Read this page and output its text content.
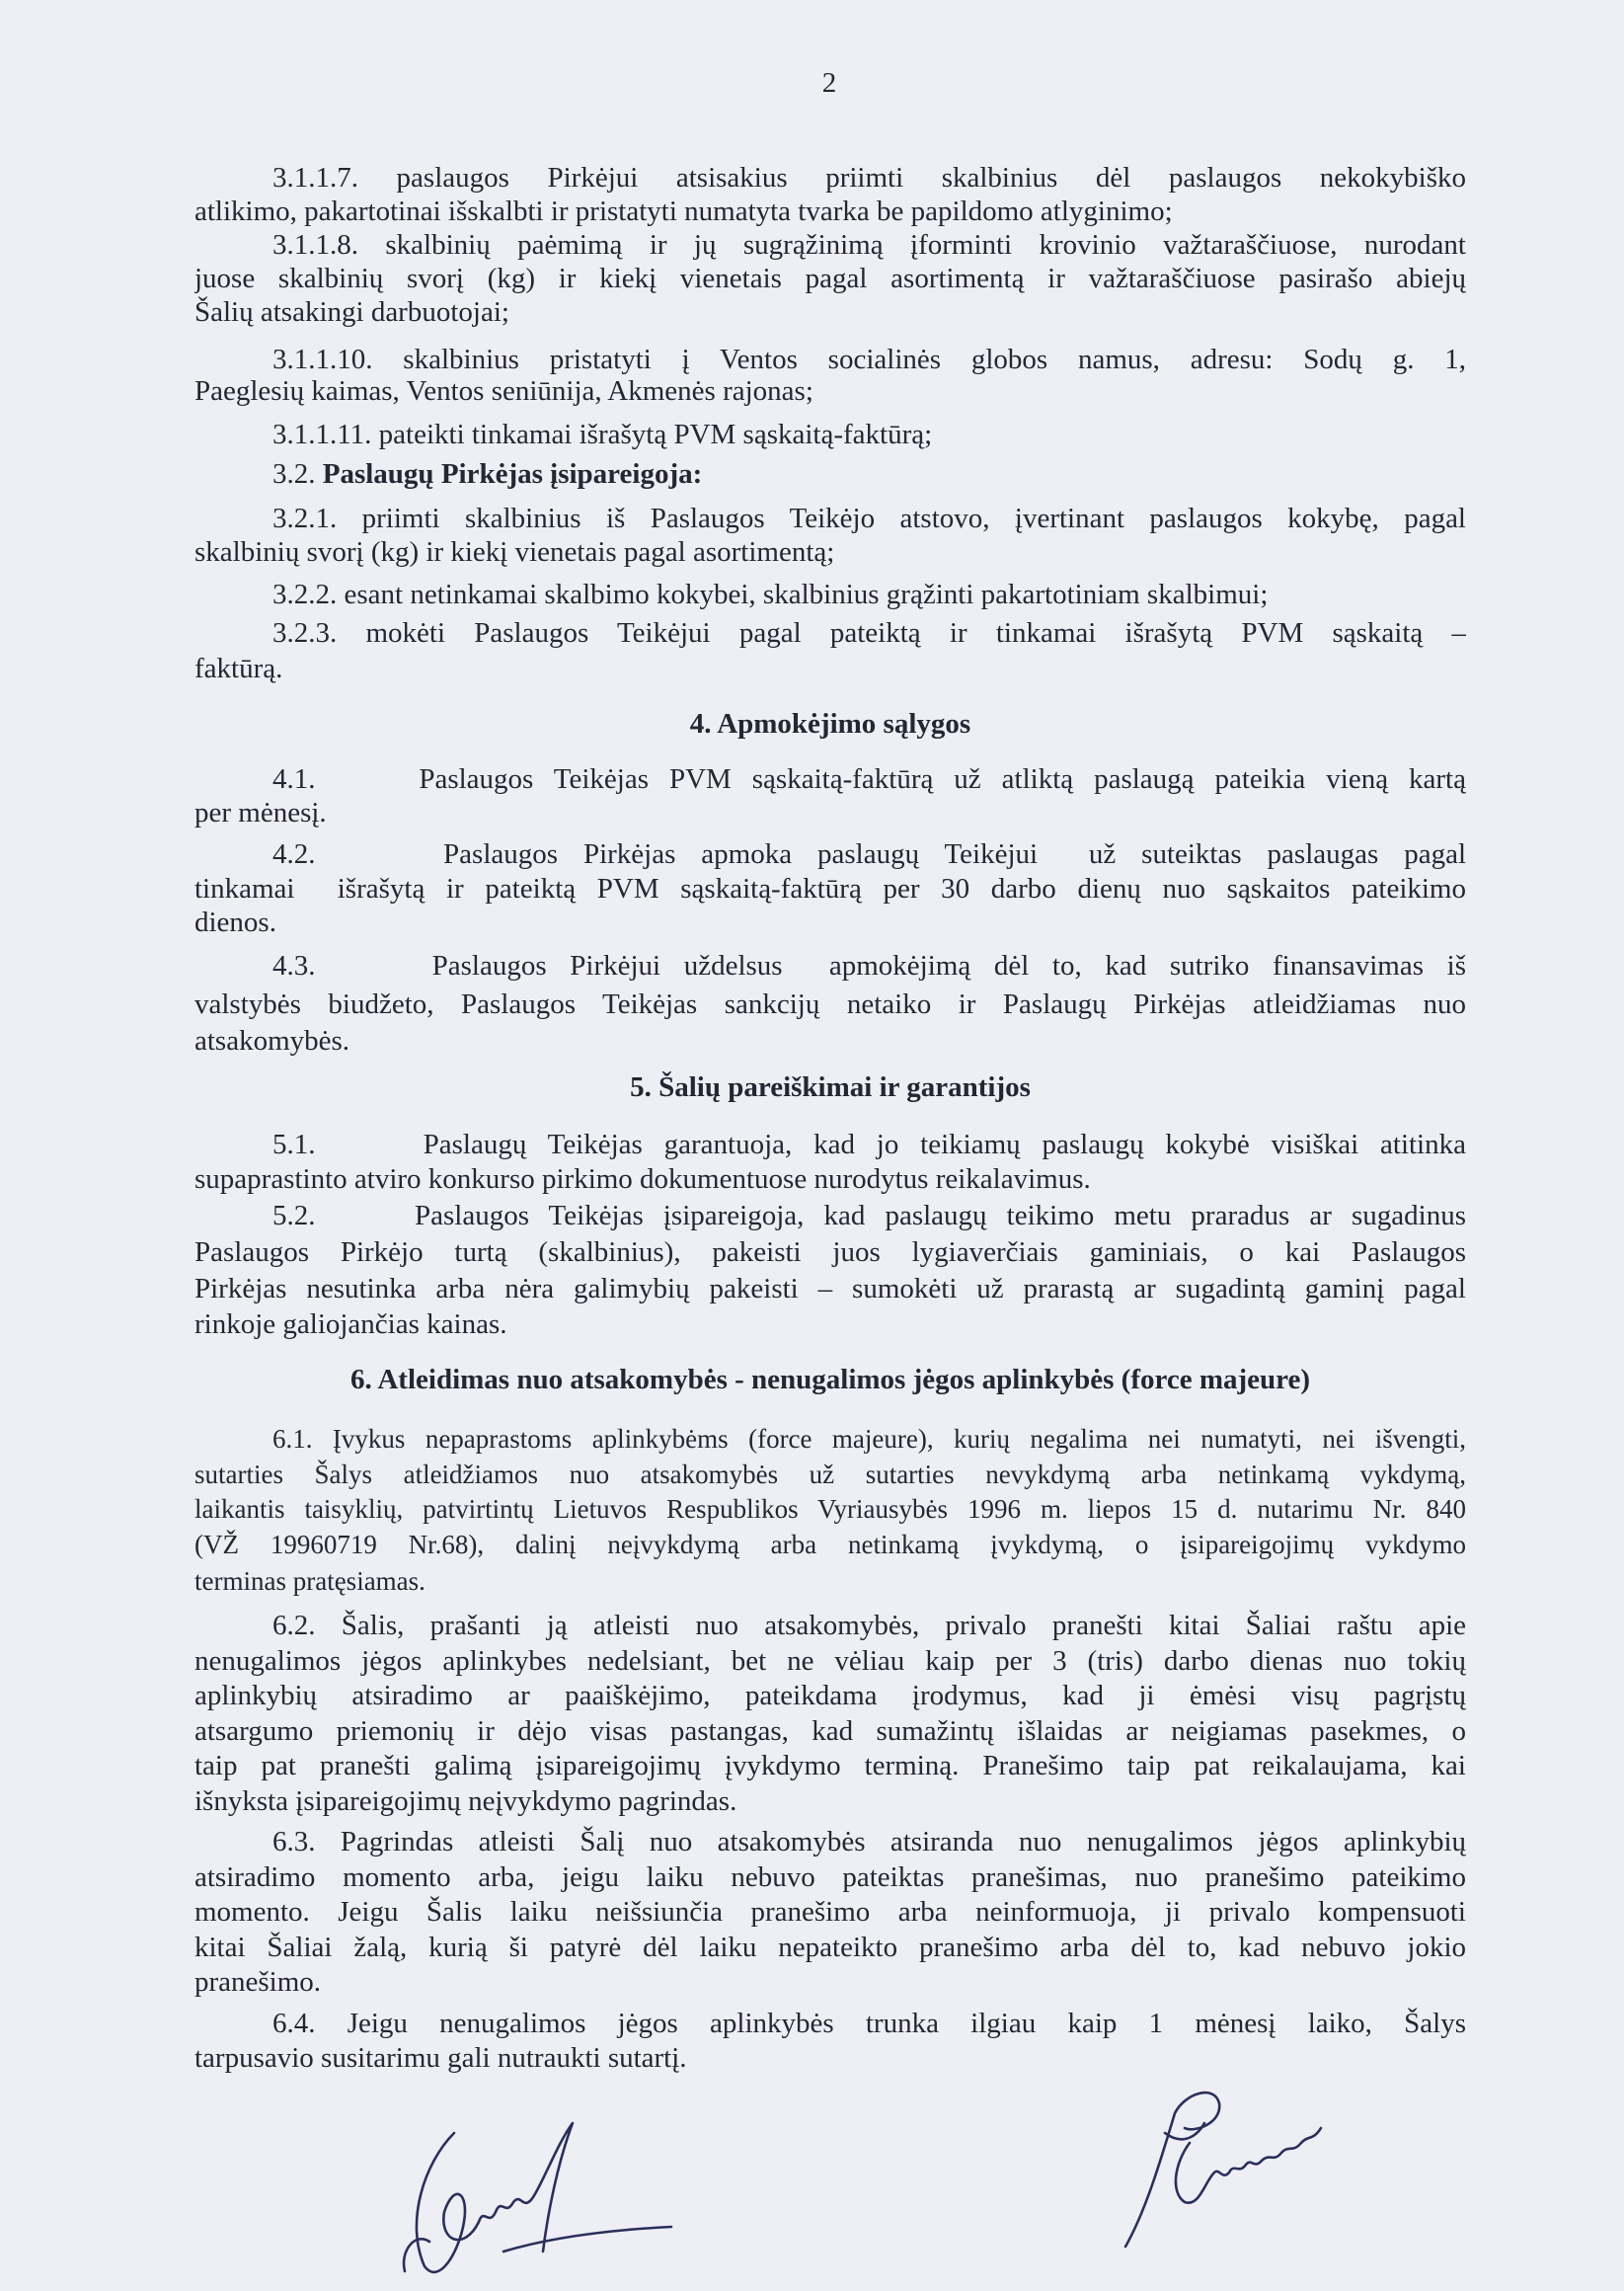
2
3.1.1.7. paslaugos Pirkėjui atsisakius priimti skalbinius dėl paslaugos nekokybiško
atlikimo, pakartotinai išskalbti ir pristatyti numatyta tvarka be papildomo atlyginimo;
3.1.1.8. skalbinių paėmimą ir jų sugrąžinimą įforminti krovinio važtaraščiuose, nurodant
juose skalbinių svorį (kg) ir kiekį vienetais pagal asortimentą ir važtaraščiuose pasirašo abiejų
Šalių atsakingi darbuotojai;
3.1.1.10. skalbinius pristatyti į Ventos socialinės globos namus, adresu: Sodų g. 1,
Paeglesių kaimas, Ventos seniūnija, Akmenės rajonas;
3.1.1.11. pateikti tinkamai išrašytą PVM sąskaitą-faktūrą;
3.2. Paslaugų Pirkėjas įsipareigoja:
3.2.1. priimti skalbinius iš Paslaugos Teikėjo atstovo, įvertinant paslaugos kokybę, pagal
skalbinių svorį (kg) ir kiekį vienetais pagal asortimentą;
3.2.2. esant netinkamai skalbimo kokybei, skalbinius grąžinti pakartotiniam skalbimui;
3.2.3. mokėti Paslaugos Teikėjui pagal pateiktą ir tinkamai išrašytą PVM sąskaitą –
faktūrą.
4. Apmokėjimo sąlygos
4.1.     Paslaugos Teikėjas PVM sąskaitą-faktūrą už atliktą paslaugą pateikia vieną kartą
per mėnesį.
4.2.     Paslaugos Pirkėjas apmoka paslaugų Teikėjui  už suteiktas paslaugas pagal
tinkamai  išrašytą ir pateiktą PVM sąskaitą-faktūrą per 30 darbo dienų nuo sąskaitos pateikimo
dienos.
4.3.     Paslaugos Pirkėjui uždelsus  apmokėjimą dėl to, kad sutriko finansavimas iš
valstybės biudžeto, Paslaugos Teikėjas sankcijų netaiko ir Paslaugų Pirkėjas atleidžiamas nuo
atsakomybės.
5. Šalių pareiškimai ir garantijos
5.1.     Paslaugų Teikėjas garantuoja, kad jo teikiamų paslaugų kokybė visiškai atitinka
supaprastinto atviro konkurso pirkimo dokumentuose nurodytus reikalavimus.
5.2.     Paslaugos Teikėjas įsipareigoja, kad paslaugų teikimo metu praradus ar sugadinus
Paslaugos Pirkėjo turtą (skalbinius), pakeisti juos lygiaverčiais gaminiais, o kai Paslaugos
Pirkėjas nesutinka arba nėra galimybių pakeisti – sumokėti už prarastą ar sugadintą gaminį pagal
rinkoje galiojančias kainas.
6. Atleidimas nuo atsakomybės - nenugalimos jėgos aplinkybės (force majeure)
6.1. Įvykus nepaprastoms aplinkybėms (force majeure), kurių negalima nei numatyti, nei išvengti,
sutarties Šalys atleidžiamos nuo atsakomybės už sutarties nevykdymą arba netinkamą vykdymą,
laikantis taisyklių, patvirtintų Lietuvos Respublikos Vyriausybės 1996 m. liepos 15 d. nutarimu Nr. 840
(VŽ 19960719 Nr.68), dalinį neįvykdymą arba netinkamą įvykdymą, o įsipareigojimų vykdymo
terminas pratęsiamas.
6.2. Šalis, prašanti ją atleisti nuo atsakomybės, privalo pranešti kitai Šaliai raštu apie
nenugalimos jėgos aplinkybes nedelsiant, bet ne vėliau kaip per 3 (tris) darbo dienas nuo tokių
aplinkybių atsiradimo ar paaiškėjimo, pateikdama įrodymus, kad ji ėmėsi visų pagrįstų
atsargumo priemonių ir dėjo visas pastangas, kad sumažintų išlaidas ar neigiamas pasekmes, o
taip pat pranešti galimą įsipareigojimų įvykdymo terminą. Pranešimo taip pat reikalaujama, kai
išnyksta įsipareigojimų neįvykdymo pagrindas.
6.3. Pagrindas atleisti Šalį nuo atsakomybės atsiranda nuo nenugalimos jėgos aplinkybių
atsiradimo momento arba, jeigu laiku nebuvo pateiktas pranešimas, nuo pranešimo pateikimo
momento. Jeigu Šalis laiku neišsiunčia pranešimo arba neinformuoja, ji privalo kompensuoti
kitai Šaliai žalą, kurią ši patyrė dėl laiku nepateikto pranešimo arba dėl to, kad nebuvo jokio
pranešimo.
6.4. Jeigu nenugalimos jėgos aplinkybės trunka ilgiau kaip 1 mėnesį laiko, Šalys
tarpusavio susitarimu gali nutraukti sutartį.
